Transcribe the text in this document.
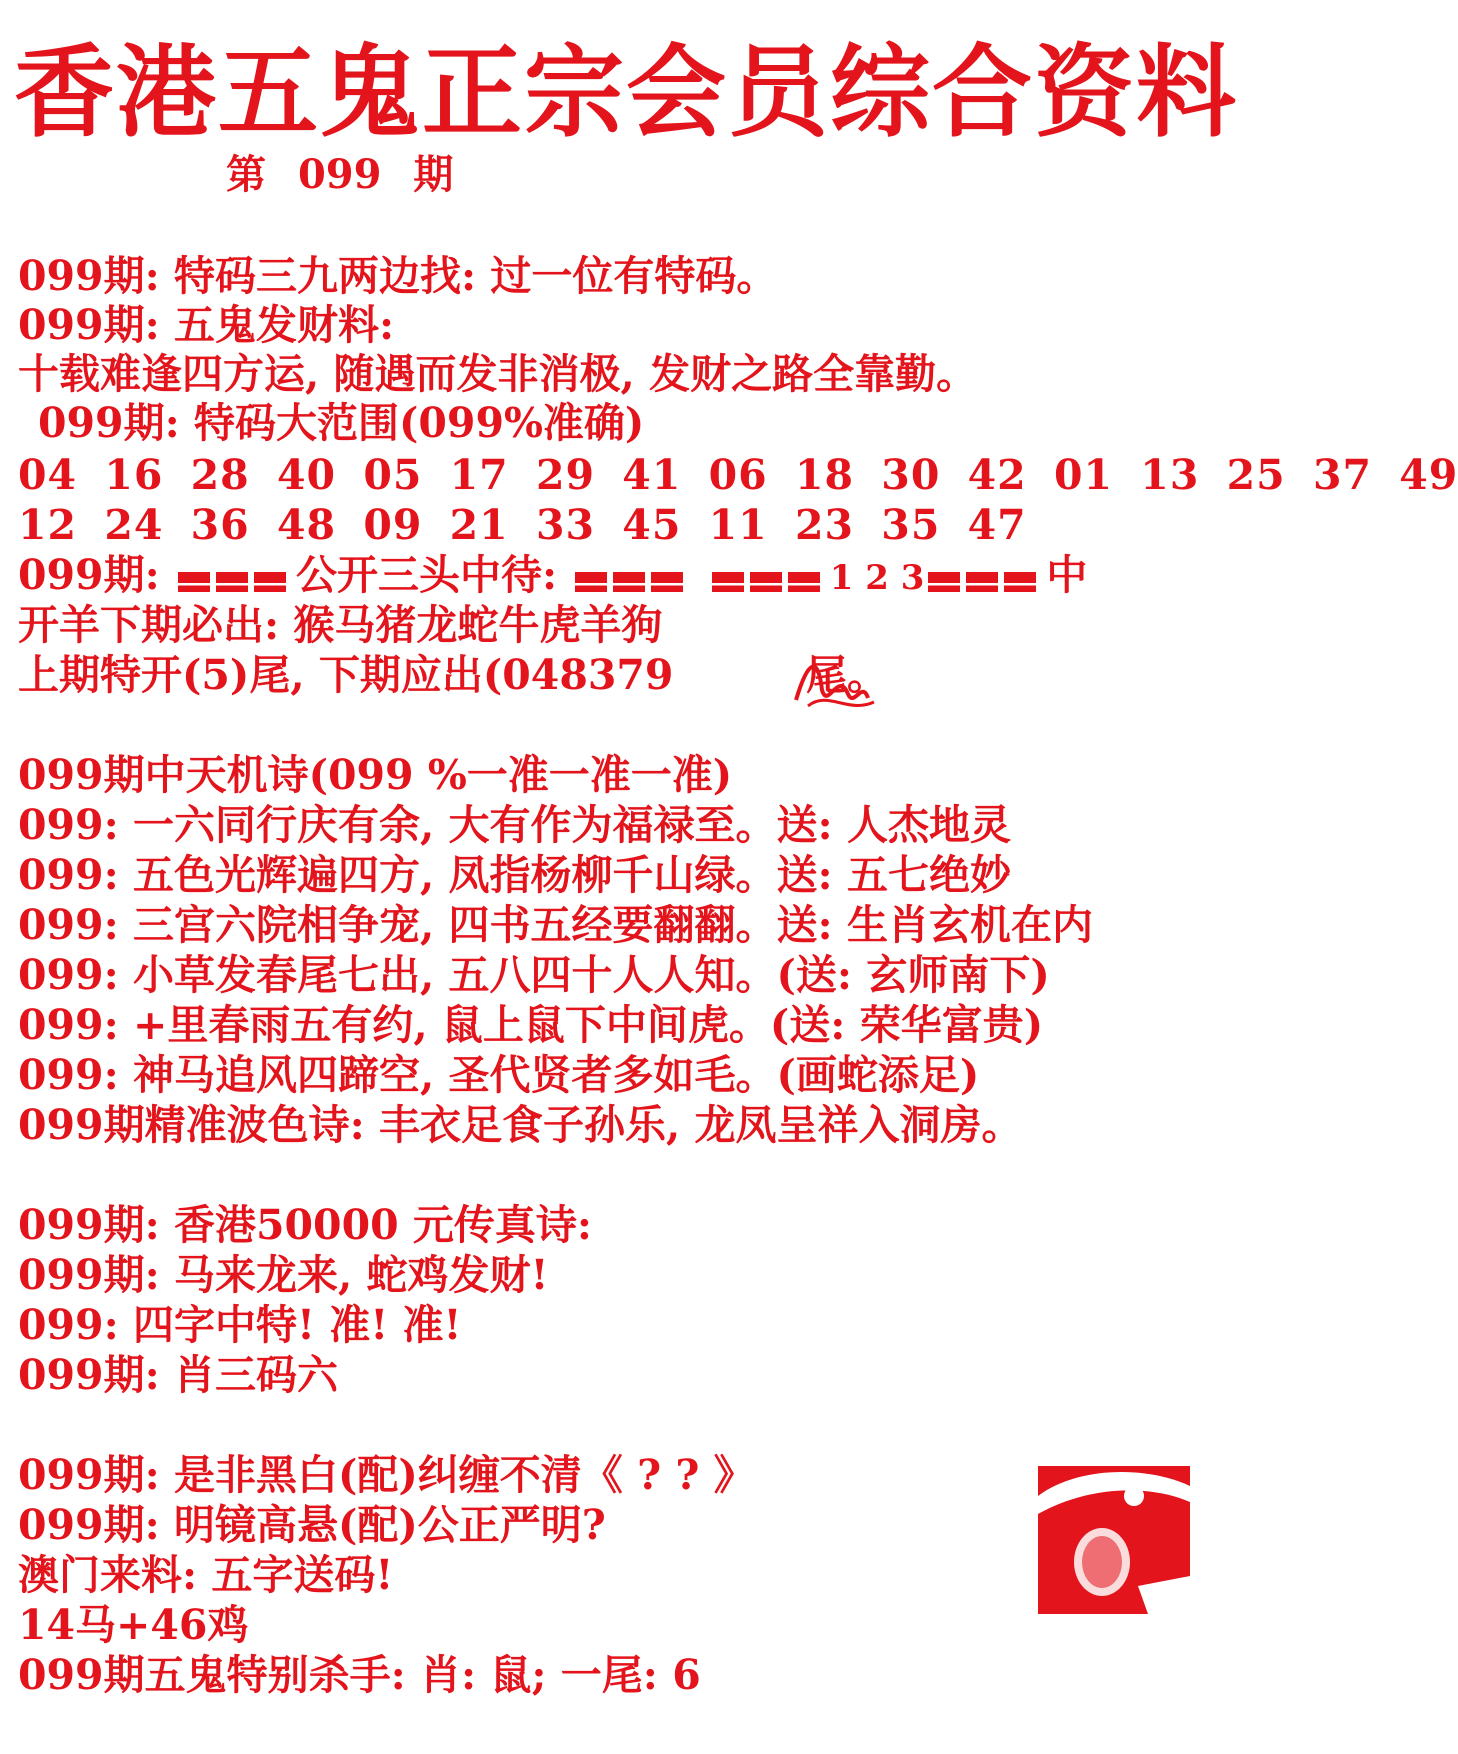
香港五鬼正宗会员综合资料
第 099 期
099期: 特码三九两边找: 过一位有特码。
099期: 五鬼发财料:
十载难逢四方运, 随遇而发非消极, 发财之路全靠勤。
099期: 特码大范围(099%准确)
04 16 28 40 05 17 29 41 06 18 30 42 01 13 25 37 49
12 24 36 48 09 21 33 45 11 23 35 47
099期:	公开三头中待:	1 2 3	中
开羊下期必出: 猴马猪龙蛇牛虎羊狗
上期特开(5)尾, 下期应出(048379	尾。
099期中天机诗(099 %一准一准一准)
099: 一六同行庆有余, 大有作为福禄至。送: 人杰地灵
099: 五色光辉遍四方, 凤指杨柳千山绿。送: 五七绝妙
099: 三宫六院相争宠, 四书五经要翻翻。送: 生肖玄机在内
099: 小草发春尾七出, 五八四十人人知。(送: 玄师南下)
099: +里春雨五有约, 鼠上鼠下中间虎。(送: 荣华富贵)
099: 神马追风四蹄空, 圣代贤者多如毛。(画蛇添足)
099期精准波色诗: 丰衣足食子孙乐, 龙凤呈祥入洞房。
099期: 香港50000 元传真诗:
099期: 马来龙来, 蛇鸡发财!
099: 四字中特! 准! 准!
099期: 肖三码六
099期: 是非黑白(配)纠缠不清《 ? ? 》
099期: 明镜高悬(配)公正严明?
澳门来料: 五字送码!
14马+46鸡
099期五鬼特别杀手: 肖: 鼠; 一尾: 6
